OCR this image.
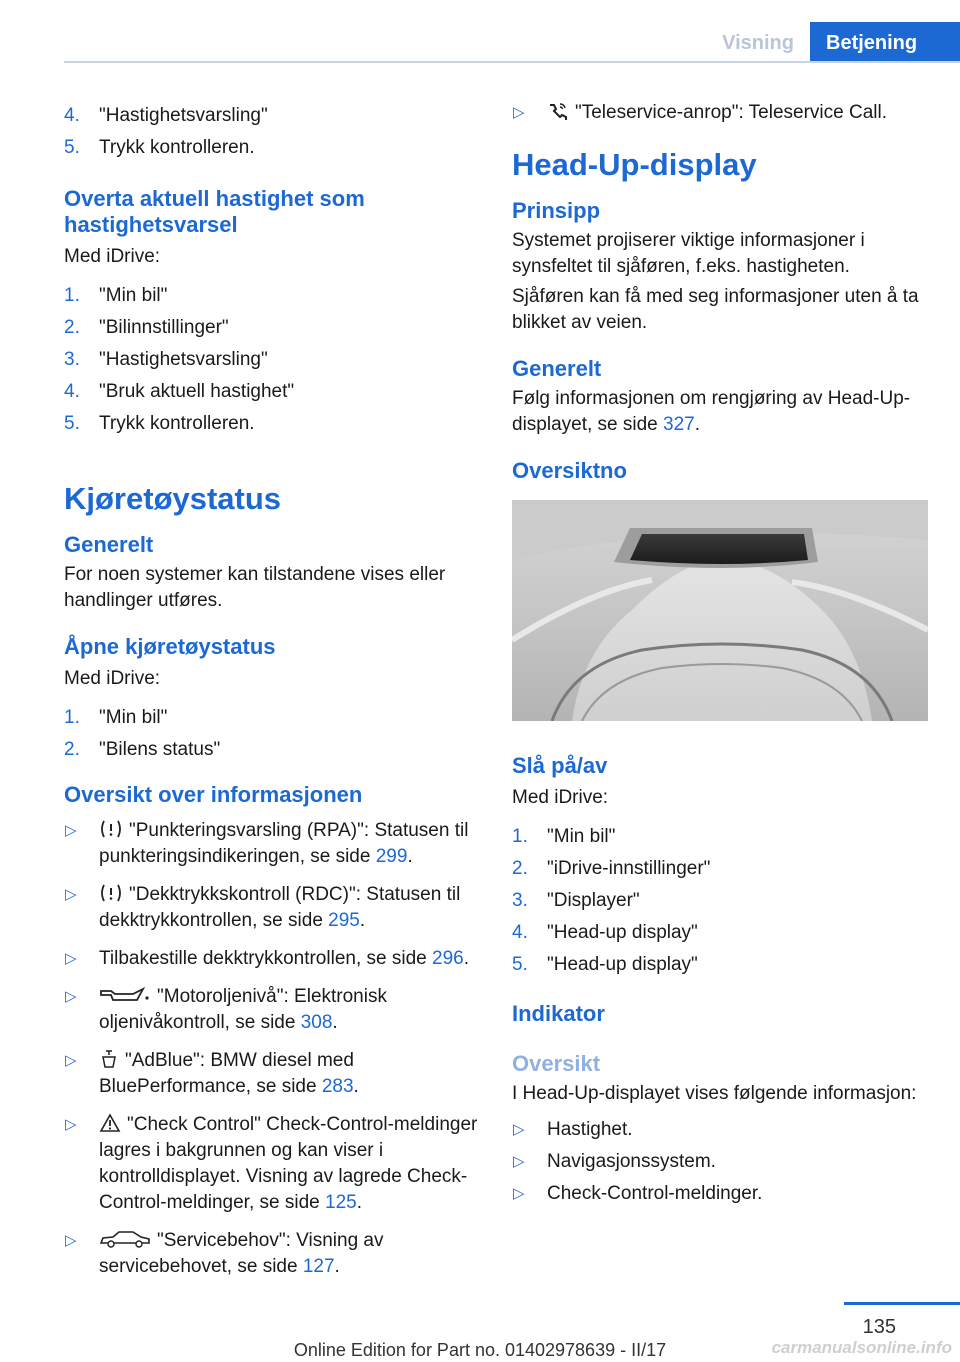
Visning	Betjening
4. "Hastighetsvarsling"
5. Trykk kontrolleren.
Overta aktuell hastighet som hastighetsvarsel

Med iDrive:

1. "Min bil"
2. "Bilinnstillinger"
3. "Hastighetsvarsling"
4. "Bruk aktuell hastighet"
5. Trykk kontrolleren.
Kjøretøystatus
Generelt

For noen systemer kan tilstandene vises eller handlinger utføres.

Åpne kjøretøystatus

Med iDrive:

1. "Min bil"
2. "Bilens status"
Oversikt over informasjonen
▷	"Punkteringsvarsling (RPA)": Statusen til punkteringsindikeringen, se side 299.
▷	"Dekktrykkskontroll (RDC)": Statusen til dekktrykkontrollen, se side 295.
▷ Tilbakestille dekktrykkontrollen, se side 296.
▷	"Motoroljenivå": Elektronisk oljenivåkontroll, se side 308.
▷	"AdBlue": BMW diesel med BluePerformance, se side 283.
▷	"Check Control" Check-Control-meldinger lagres i bakgrunnen og kan viser i kontrolldisplayet. Visning av lagrede Check-Control-meldinger, se side 125.
▷	"Servicebehov": Visning av servicebehovet, se side 127.
▷	"Teleservice-anrop": Teleservice Call.
Head-Up-display
Prinsipp

Systemet projiserer viktige informasjoner i synsfeltet til sjåføren, f.eks. hastigheten.

Sjåføren kan få med seg informasjoner uten å ta blikket av veien.

Generelt

Følg informasjonen om rengjøring av Head-Up-displayet, se side 327.

Oversiktno
Slå på/av

Med iDrive:

1. "Min bil"
2. "iDrive-innstillinger"
3. "Displayer"
4. "Head-up display"
5. "Head-up display"
Indikator
Oversikt

I Head-Up-displayet vises følgende informasjon:

▷ Hastighet.
▷ Navigasjonssystem.
▷ Check-Control-meldinger.
135
Online Edition for Part no. 01402978639 - II/17	carmanualsonline.info
